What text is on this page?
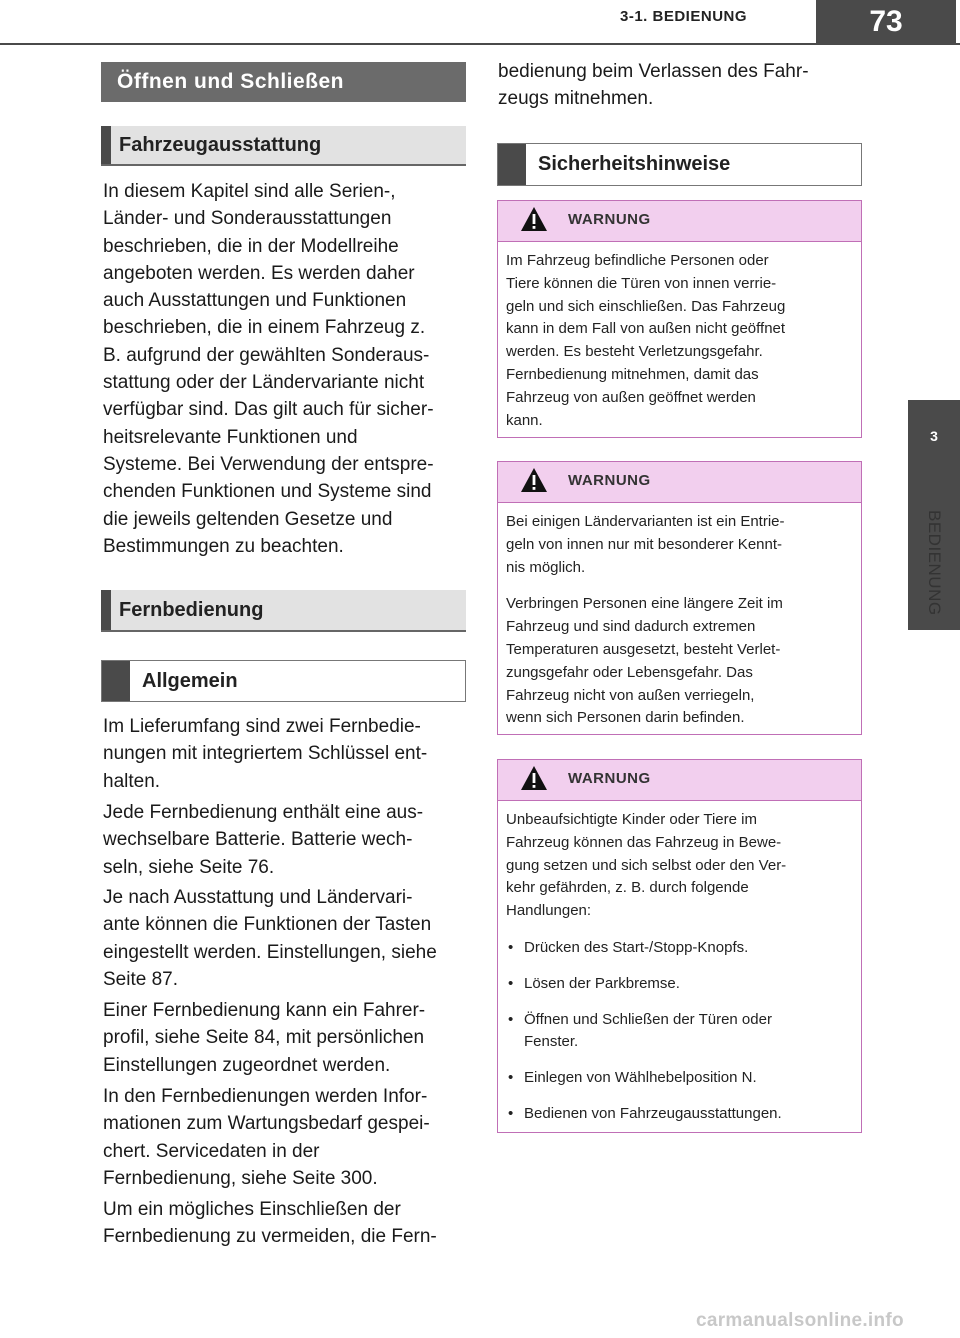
3-1. BEDIENUNG	73
3
BEDIENUNG
Öffnen und Schließen
Fahrzeugausstattung

In diesem Kapitel sind alle Serien-,
Länder- und Sonderausstattungen
beschrieben, die in der Modellreihe
angeboten werden. Es werden daher
auch Ausstattungen und Funktionen
beschrieben, die in einem Fahrzeug z.
B. aufgrund der gewählten Sonderaus-
stattung oder der Ländervariante nicht
verfügbar sind. Das gilt auch für sicher-
heitsrelevante Funktionen und
Systeme. Bei Verwendung der entspre-
chenden Funktionen und Systeme sind
die jeweils geltenden Gesetze und
Bestimmungen zu beachten.

Fernbedienung
Allgemein

Im Lieferumfang sind zwei Fernbedie-
nungen mit integriertem Schlüssel ent-
halten.

Jede Fernbedienung enthält eine aus-
wechselbare Batterie. Batterie wech-
seln, siehe Seite 76.

Je nach Ausstattung und Ländervari-
ante können die Funktionen der Tasten
eingestellt werden. Einstellungen, siehe
Seite 87.

Einer Fernbedienung kann ein Fahrer-
profil, siehe Seite 84, mit persönlichen
Einstellungen zugeordnet werden.

In den Fernbedienungen werden Infor-
mationen zum Wartungsbedarf gespei-
chert. Servicedaten in der
Fernbedienung, siehe Seite 300.

Um ein mögliches Einschließen der
Fernbedienung zu vermeiden, die Fern-

bedienung beim Verlassen des Fahr-
zeugs mitnehmen.

Sicherheitshinweise
WARNUNG

Im Fahrzeug befindliche Personen oder
Tiere können die Türen von innen verrie-
geln und sich einschließen. Das Fahrzeug
kann in dem Fall von außen nicht geöffnet
werden. Es besteht Verletzungsgefahr.
Fernbedienung mitnehmen, damit das
Fahrzeug von außen geöffnet werden
kann.

WARNUNG

Bei einigen Ländervarianten ist ein Entrie-
geln von innen nur mit besonderer Kennt-
nis möglich.

Verbringen Personen eine längere Zeit im
Fahrzeug und sind dadurch extremen
Temperaturen ausgesetzt, besteht Verlet-
zungsgefahr oder Lebensgefahr. Das
Fahrzeug nicht von außen verriegeln,
wenn sich Personen darin befinden.

WARNUNG

Unbeaufsichtigte Kinder oder Tiere im
Fahrzeug können das Fahrzeug in Bewe-
gung setzen und sich selbst oder den Ver-
kehr gefährden, z. B. durch folgende
Handlungen:

• Drücken des Start-/Stopp-Knopfs.
• Lösen der Parkbremse.
• Öffnen und Schließen der Türen oder
Fenster.
• Einlegen von Wählhebelposition N.
• Bedienen von Fahrzeugausstattungen.
carmanualsonline.info
